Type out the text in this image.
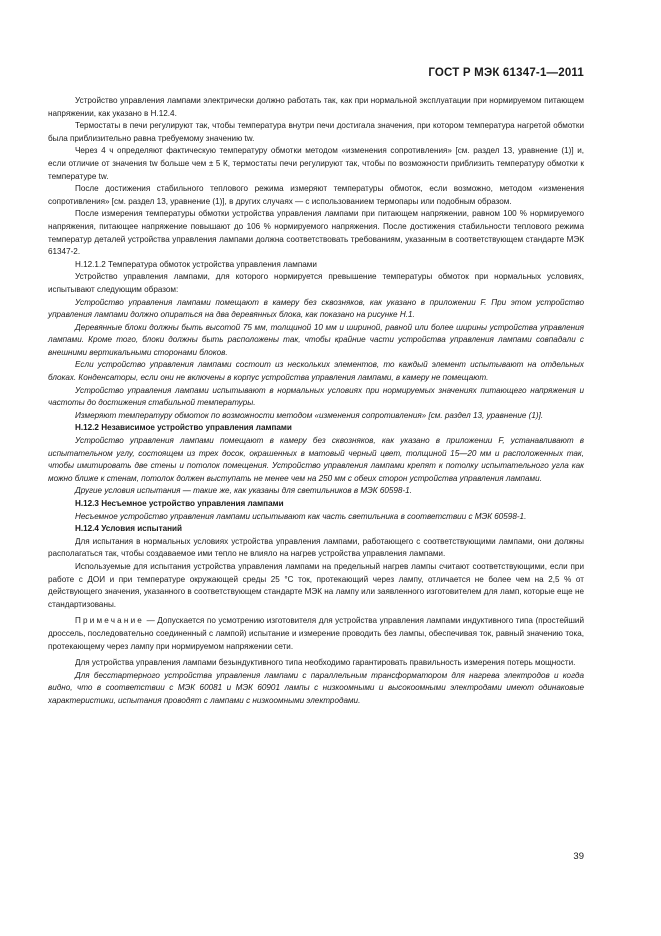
ГОСТ Р МЭК 61347-1—2011

Устройство управления лампами электрически должно работать так, как при нормальной эксплуатации при нормируемом питающем напряжении, как указано в Н.12.4.

Термостаты в печи регулируют так, чтобы температура внутри печи достигала значения, при котором температура нагретой обмотки была приблизительно равна требуемому значению tw.

Через 4 ч определяют фактическую температуру обмотки методом «изменения сопротивления» [см. раздел 13, уравнение (1)] и, если отличие от значения tw больше чем ± 5 К, термостаты печи регулируют так, чтобы по возможности приблизить температуру обмотки к температуре tw.

После достижения стабильного теплового режима измеряют температуры обмоток, если возможно, методом «изменения сопротивления» [см. раздел 13, уравнение (1)], в других случаях — с использованием термопары или подобным образом.

После измерения температуры обмотки устройства управления лампами при питающем напряжении, равном 100 % нормируемого напряжения, питающее напряжение повышают до 106 % нормируемого напряжения. После достижения стабильности теплового режима температур деталей устройства управления лампами должна соответствовать требованиям, указанным в соответствующем стандарте МЭК 61347-2.

Н.12.1.2 Температура обмоток устройства управления лампами

Устройство управления лампами, для которого нормируется превышение температуры обмоток при нормальных условиях, испытывают следующим образом:

Устройство управления лампами помещают в камеру без сквозняков, как указано в приложении F. При этом устройство управления лампами должно опираться на два деревянных блока, как показано на рисунке Н.1.

Деревянные блоки должны быть высотой 75 мм, толщиной 10 мм и шириной, равной или более ширины устройства управления лампами. Кроме того, блоки должны быть расположены так, чтобы крайние части устройства управления лампами совпадали с внешними вертикальными сторонами блоков.

Если устройство управления лампами состоит из нескольких элементов, то каждый элемент испытывают на отдельных блоках. Конденсаторы, если они не включены в корпус устройства управления лампами, в камеру не помещают.

Устройство управления лампами испытывают в нормальных условиях при нормируемых значениях питающего напряжения и частоты до достижения стабильной температуры.

Измеряют температуру обмоток по возможности методом «изменения сопротивления» [см. раздел 13, уравнение (1)].

Н.12.2 Независимое устройство управления лампами

Устройство управления лампами помещают в камеру без сквозняков, как указано в приложении F, устанавливают в испытательном углу, состоящем из трех досок, окрашенных в матовый черный цвет, толщиной 15—20 мм и расположенных так, чтобы имитировать две стены и потолок помещения. Устройство управления лампами крепят к потолку испытательного угла как можно ближе к стенам, потолок должен выступать не менее чем на 250 мм с обеих сторон устройства управления лампами.

Другие условия испытания — такие же, как указаны для светильников в МЭК 60598-1.

Н.12.3 Несъемное устройство управления лампами

Несъемное устройство управления лампами испытывают как часть светильника в соответствии с МЭК 60598-1.

Н.12.4 Условия испытаний

Для испытания в нормальных условиях устройства управления лампами, работающего с соответствующими лампами, они должны располагаться так, чтобы создаваемое ими тепло не влияло на нагрев устройства управления лампами.

Используемые для испытания устройства управления лампами на предельный нагрев лампы считают соответствующими, если при работе с ДОИ и при температуре окружающей среды 25 °С ток, протекающий через лампу, отличается не более чем на 2,5 % от действующего значения, указанного в соответствующем стандарте МЭК на лампу или заявленного изготовителем для ламп, которые еще не стандартизованы.

Примечание — Допускается по усмотрению изготовителя для устройства управления лампами индуктивного типа (простейший дроссель, последовательно соединенный с лампой) испытание и измерение проводить без лампы, обеспечивая ток, равный значению тока, протекающему через лампу при нормируемом напряжении сети.

Для устройства управления лампами безындуктивного типа необходимо гарантировать правильность измерения потерь мощности.

Для бесстартерного устройства управления лампами с параллельным трансформатором для нагрева электродов и когда видно, что в соответствии с МЭК 60081 и МЭК 60901 лампы с низкоомными и высокоомными электродами имеют одинаковые характеристики, испытания проводят с лампами с низкоомными электродами.

39
